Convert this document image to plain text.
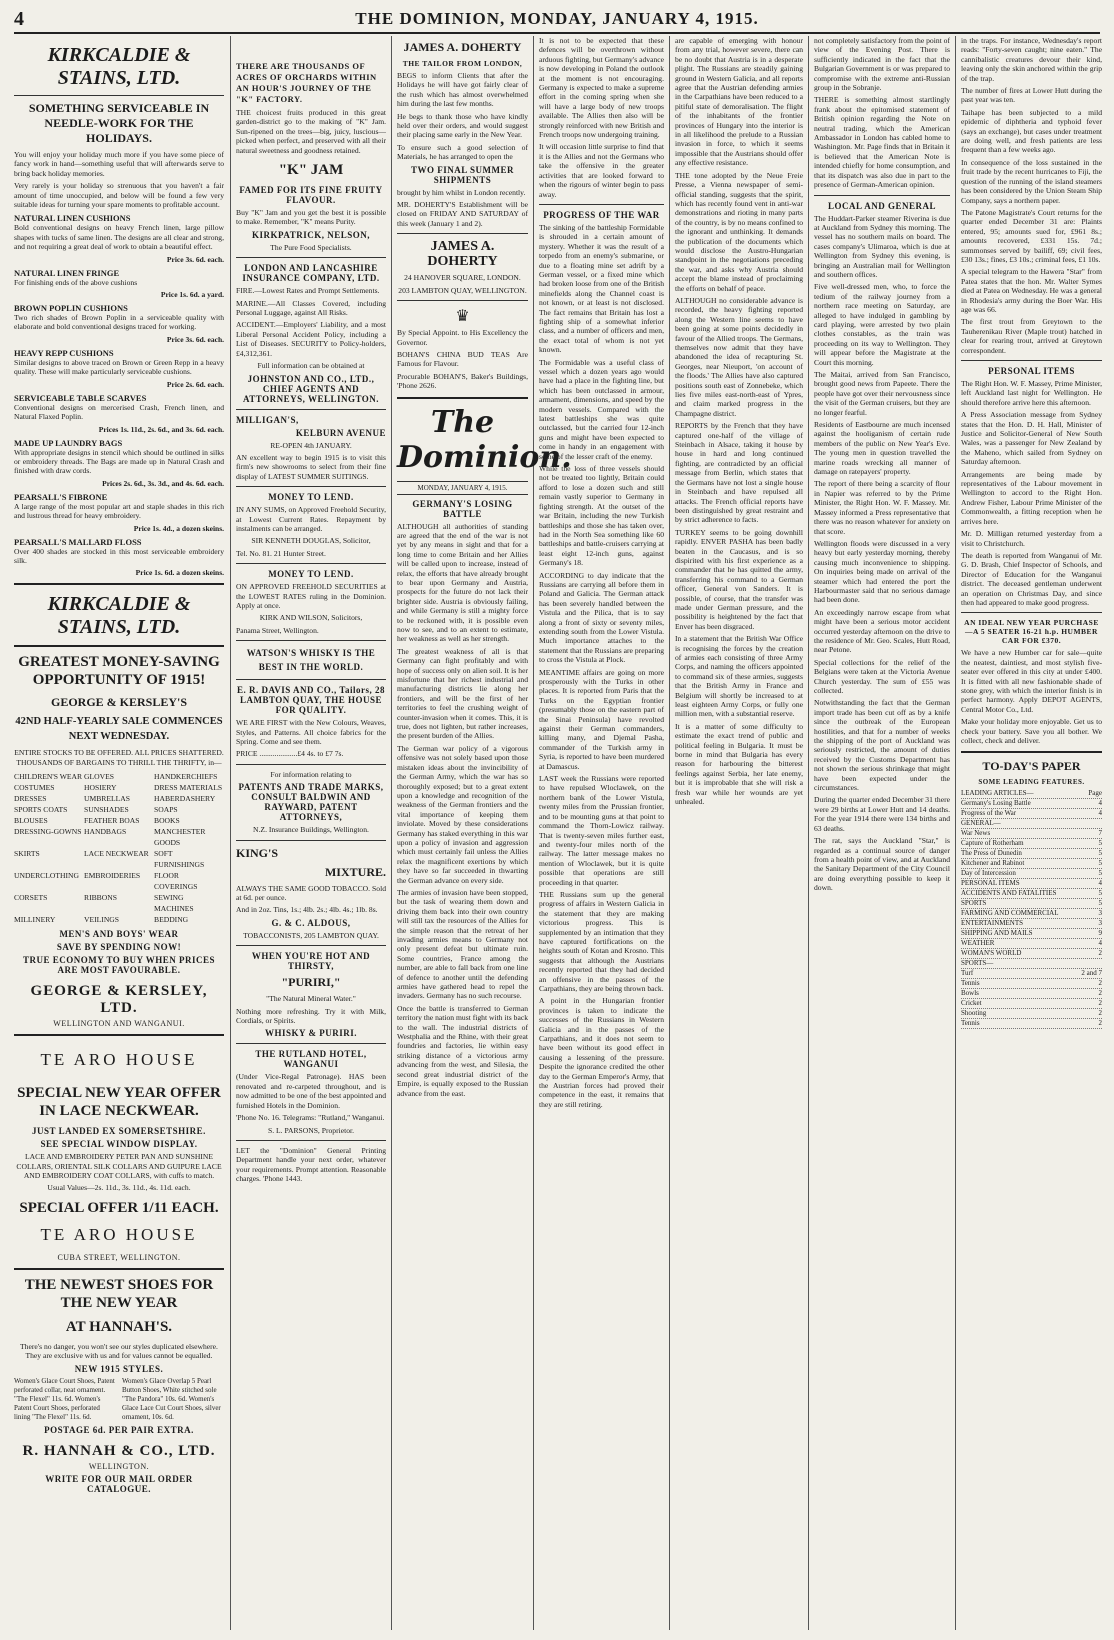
4	THE DOMINION, MONDAY, JANUARY 4, 1915.
KIRKCALDIE & STAINS, LTD.
SOMETHING SERVICEABLE IN NEEDLE-WORK FOR THE HOLIDAYS.

You will enjoy your holiday much more if you have some piece of fancy work in hand—something useful that will afterwards serve to bring back holiday memories.

Very rarely is your holiday so strenuous that you haven't a fair amount of time unoccupied, and below will be found a few very suitable ideas for turning your spare moments to profitable account.

NATURAL LINEN CUSHIONS

Bold conventional designs on heavy French linen, large pillow shapes with tucks of same linen. The designs are all clear and strong, and not requiring a great deal of work to obtain a beautiful effect.

Price 3s. 6d. each.
NATURAL LINEN FRINGE

For finishing ends of the above cushions

Price 1s. 6d. a yard.
BROWN POPLIN CUSHIONS

Two rich shades of Brown Poplin in a serviceable quality with elaborate and bold conventional designs traced for working.

Price 3s. 6d. each.
HEAVY REPP CUSHIONS

Similar designs to above traced on Brown or Green Repp in a heavy quality. These will make particularly serviceable cushions.

Price 2s. 6d. each.
SERVICEABLE TABLE SCARVES

Conventional designs on mercerised Crash, French linen, and Natural Flaxed Poplin.

Prices 1s. 11d., 2s. 6d., and 3s. 6d. each.
MADE UP LAUNDRY BAGS

With appropriate designs in stencil which should be outlined in silks or embroidery threads. The Bags are made up in Natural Crash and finished with draw cords.

Prices 2s. 6d., 3s. 3d., and 4s. 6d. each.
PEARSALL'S FIBRONE

A large range of the most popular art and staple shades in this rich and lustrous thread for heavy embroidery.

Price 1s. 4d., a dozen skeins.
PEARSALL'S MALLARD FLOSS

Over 400 shades are stocked in this most serviceable embroidery silk.

Price 1s. 6d. a dozen skeins.
KIRKCALDIE & STAINS, LTD.
GREATEST MONEY-SAVING OPPORTUNITY OF 1915!
GEORGE & KERSLEY'S
42ND HALF-YEARLY SALE COMMENCES NEXT WEDNESDAY.

ENTIRE STOCKS TO BE OFFERED. ALL PRICES SHATTERED. THOUSANDS OF BARGAINS TO THRILL THE THRIFTY, in—

CHILDREN'S WEAR GLOVES	HANDKERCHIEFS
COSTUMES	HOSIERY	DRESS MATERIALS
DRESSES	UMBRELLAS	HABERDASHERY
SPORTS COATS	SUNSHADES	SOAPS
BLOUSES	FEATHER BOAS	BOOKS
DRESSING-GOWNS HANDBAGS	MANCHESTER GOODS
SKIRTS	LACE NECKWEAR SOFT FURNISHINGS
UNDERCLOTHING EMBROIDERIES	FLOOR COVERINGS
CORSETS	RIBBONS	SEWING MACHINES
MILLINERY	VEILINGS	BEDDING
MEN'S AND BOYS' WEAR
SAVE BY SPENDING NOW!
TRUE ECONOMY TO BUY WHEN PRICES ARE MOST FAVOURABLE.
GEORGE & KERSLEY, LTD.
WELLINGTON AND WANGANUI.
TE ARO HOUSE
SPECIAL NEW YEAR OFFER IN LACE NECKWEAR.
JUST LANDED EX SOMERSETSHIRE.
SEE SPECIAL WINDOW DISPLAY.

LACE AND EMBROIDERY PETER PAN AND SUNSHINE COLLARS, ORIENTAL SILK COLLARS AND GUIPURE LACE AND EMBROIDERY COAT COLLARS, with cuffs to match.

Usual Values—2s. 11d., 3s. 11d., 4s. 11d. each.

SPECIAL OFFER 1/11 EACH.
TE ARO HOUSE
CUBA STREET, WELLINGTON.
THE NEWEST SHOES FOR THE NEW YEAR
AT HANNAH'S.

There's no danger, you won't see our styles duplicated elsewhere. They are exclusive with us and for values cannot be equalled.

NEW 1915 STYLES.
Women's Glace Court Shoes, Patent perforated collar, neat ornament. "The Flexel" 11s. 6d. Women's Patent Court Shoes, perforated lining "The Flexel" 11s. 6d.
Women's Glace Overlap 5 Pearl Button Shoes, White stitched sole "The Pandora" 10s. 6d. Women's Glace Lace Cut Court Shoes, silver ornament, 10s. 6d.
POSTAGE 6d. PER PAIR EXTRA.
R. HANNAH & CO., LTD.
WELLINGTON.
WRITE FOR OUR MAIL ORDER CATALOGUE.
THERE ARE THOUSANDS OF ACRES OF ORCHARDS WITHIN AN HOUR'S JOURNEY OF THE "K" FACTORY.

THE choicest fruits produced in this great garden-district go to the making of "K" Jam. Sun-ripened on the trees—big, juicy, luscious—picked when perfect, and preserved with all their natural sweetness and goodness retained.

"K" JAM
FAMED FOR ITS FINE FRUITY FLAVOUR.

Buy "K" Jam and you get the best it is possible to make. Remember, "K" means Purity.

KIRKPATRICK, NELSON,

The Pure Food Specialists.

LONDON AND LANCASHIRE INSURANCE COMPANY, LTD.

FIRE.—Lowest Rates and Prompt Settlements.

MARINE.—All Classes Covered, including Personal Luggage, against All Risks.

ACCIDENT.—Employers' Liability, and a most Liberal Personal Accident Policy, including a List of Diseases. SECURITY to Policy-holders, £4,312,361.

Full information can be obtained at

JOHNSTON AND CO., LTD., CHIEF AGENTS AND ATTORNEYS, WELLINGTON.
MILLIGAN'S,
KELBURN AVENUE

RE-OPEN 4th JANUARY.

AN excellent way to begin 1915 is to visit this firm's new showrooms to select from their fine display of LATEST SUMMER SUITINGS.

MONEY TO LEND.

IN ANY SUMS, on Approved Freehold Security, at Lowest Current Rates. Repayment by instalments can be arranged.

SIR KENNETH DOUGLAS, Solicitor,

Tel. No. 81. 21 Hunter Street.

MONEY TO LEND.

ON APPROVED FREEHOLD SECURITIES at the LOWEST RATES ruling in the Dominion. Apply at once.

KIRK AND WILSON, Solicitors,

Panama Street, Wellington.

WATSON'S WHISKY IS THE BEST IN THE WORLD.
E. R. DAVIS AND CO., Tailors, 28 LAMBTON QUAY, THE HOUSE FOR QUALITY.

WE ARE FIRST with the New Colours, Weaves, Styles, and Patterns. All choice fabrics for the Spring. Come and see them.

PRICE ....................£4 4s. to £7 7s.

For information relating to

PATENTS AND TRADE MARKS, CONSULT BALDWIN AND RAYWARD, PATENT ATTORNEYS,

N.Z. Insurance Buildings, Wellington.

KING'S
MIXTURE.

ALWAYS THE SAME GOOD TOBACCO. Sold at 6d. per ounce.

And in 2oz. Tins, 1s.; 4lb. 2s.; 4lb. 4s.; 1lb. 8s.

G. & C. ALDOUS,

TOBACCONISTS, 205 LAMBTON QUAY.

WHEN YOU'RE HOT AND THIRSTY,
"PURIRI,"

"The Natural Mineral Water."

Nothing more refreshing. Try it with Milk, Cordials, or Spirits.

WHISKY & PURIRI.
THE RUTLAND HOTEL, WANGANUI

(Under Vice-Regal Patronage). HAS been renovated and re-carpeted throughout, and is now admitted to be one of the best appointed and furnished Hotels in the Dominion.

'Phone No. 16. Telegrams: "Rutland," Wanganui.

S. L. PARSONS, Proprietor.

LET the "Dominion" General Printing Department handle your next order, whatever your requirements. Prompt attention. Reasonable charges. 'Phone 1443.

JAMES A. DOHERTY
THE TAILOR FROM LONDON,

BEGS to inform Clients that after the Holidays he will have got fairly clear of the rush which has almost overwhelmed him during the last few months.

He begs to thank those who have kindly held over their orders, and would suggest their placing same early in the New Year.

To ensure such a good selection of Materials, he has arranged to open the

TWO FINAL SUMMER SHIPMENTS

brought by him whilst in London recently.

MR. DOHERTY'S Establishment will be closed on FRIDAY AND SATURDAY of this week (January 1 and 2).

JAMES A. DOHERTY

24 HANOVER SQUARE, LONDON.

203 LAMBTON QUAY, WELLINGTON.

♛

By Special Appoint. to His Excellency the Governor.

BOHAN'S CHINA BUD TEAS Are Famous for Flavour.

Procurable BOHAN'S, Baker's Buildings, 'Phone 2626.

The Dominion.
MONDAY, JANUARY 4, 1915.
GERMANY'S LOSING BATTLE

ALTHOUGH all authorities of standing are agreed that the end of the war is not yet by any means in sight and that for a long time to come Britain and her Allies will be called upon to increase, instead of relax, the efforts that have already brought to bear upon Germany and Austria, prospects for the future do not lack their brighter side. Austria is obviously failing, and while Germany is still a mighty force to be reckoned with, it is possible even now to see, and to an extent to estimate, her weakness as well as her strength.

The greatest weakness of all is that Germany can fight profitably and with hope of success only on alien soil. It is her misfortune that her richest industrial and manufacturing districts lie along her frontiers, and will be the first of her territories to feel the crushing weight of counter-invasion when it comes. This, it is true, does not lighten, but rather increases, the present burden of the Allies.

The German war policy of a vigorous offensive was not solely based upon those mistaken ideas about the invincibility of the German Army, which the war has so thoroughly exposed; but to a great extent upon a knowledge and recognition of the weakness of the German frontiers and the vital importance of keeping them inviolate. Moved by these considerations Germany has staked everything in this war upon a policy of invasion and aggression which must certainly fail unless the Allies relax the magnificent exertions by which they have so far succeeded in thwarting the German advance on every side.

The armies of invasion have been stopped, but the task of wearing them down and driving them back into their own country will still tax the resources of the Allies for the simple reason that the retreat of her invading armies means to Germany not only present defeat but ultimate ruin. Some countries, France among the number, are able to fall back from one line of defence to another until the defending armies have gathered head to repel the invaders. Germany has no such recourse.

Once the battle is transferred to German territory the nation must fight with its back to the wall. The industrial districts of Westphalia and the Rhine, with their great foundries and factories, lie within easy striking distance of a victorious army advancing from the west, and Silesia, the second great industrial district of the Empire, is equally exposed to the Russian advance from the east.

It is not to be expected that these defences will be overthrown without arduous fighting, but Germany's advance is now developing in Poland the outlook at the moment is not encouraging. Germany is expected to make a supreme effort in the coming spring when she will have a large body of new troops available. The Allies then also will be strongly reinforced with new British and French troops now undergoing training.

It will occasion little surprise to find that it is the Allies and not the Germans who take the offensive in the greater activities that are looked forward to when the rigours of winter begin to pass away.

PROGRESS OF THE WAR

The sinking of the battleship Formidable is shrouded in a certain amount of mystery. Whether it was the result of a torpedo from an enemy's submarine, or due to a floating mine set adrift by a German vessel, or a fixed mine which had broken loose from one of the British minefields along the Channel coast is not known, or at least is not disclosed. The fact remains that Britain has lost a fighting ship of a somewhat inferior class, and a number of officers and men, the exact total of whom is not yet known.

The Formidable was a useful class of vessel which a dozen years ago would have had a place in the fighting line, but which has been outclassed in armour, armament, dimensions, and speed by the modern vessels. Compared with the latest battleships she was quite outclassed, but the carried four 12-inch guns and might have been expected to come in handy in an engagement with some of the lesser craft of the enemy.

While the loss of three vessels should not be treated too lightly, Britain could afford to lose a dozen such and still remain vastly superior to Germany in fighting strength. At the outset of the war Britain, including the new Turkish battleships and those she has taken over, had in the North Sea something like 60 battleships and battle-cruisers carrying at least eight 12-inch guns, against Germany's 18.

ACCORDING to day indicate that the Russians are carrying all before them in Poland and Galicia. The German attack has been severely handled between the Vistula and the Pilica, that is to say along a front of sixty or seventy miles, extending south from the Lower Vistula. Much importance attaches to the statement that the Russians are preparing to cross the Vistula at Plock.

MEANTIME affairs are going on more prosperously with the Turks in other places. It is reported from Paris that the Turks on the Egyptian frontier (presumably those on the eastern part of the Sinai Peninsula) have revolted against their German commanders, killing many, and Djemal Pasha, commander of the Turkish army in Syria, is reported to have been murdered at Damascus.

LAST week the Russians were reported to have repulsed Wloclawek, on the northern bank of the Lower Vistula, twenty miles from the Prussian frontier, and to be mounting guns at that point to command the Thorn-Lowicz railway. That is twenty-seven miles further east, and twenty-four miles north of the railway. The latter message makes no mention of Wloclawek, but it is quite possible that operations are still proceeding in that quarter.

THE Russians sum up the general progress of affairs in Western Galicia in the statement that they are making victorious progress. This is supplemented by an intimation that they have captured fortifications on the heights south of Kotan and Krosno. This suggests that although the Austrians recently reported that they had decided an offensive in the passes of the Carpathians, they are being thrown back.

A point in the Hungarian frontier provinces is taken to indicate the successes of the Russians in Western Galicia and in the passes of the Carpathians, and it does not seem to have been without its good effect in causing a lessening of the pressure. Despite the ignorance credited the other day to the German Emperor's Army, that the Austrian forces had proved their competence in the east, it remains that they are still retiring.

are capable of emerging with honour from any trial, however severe, there can be no doubt that Austria is in a desperate plight. The Russians are steadily gaining ground in Western Galicia, and all reports agree that the Austrian defending armies in the Carpathians have been reduced to a pitiful state of demoralisation. The flight of the inhabitants of the frontier provinces of Hungary into the interior is in all likelihood the prelude to a Russian invasion in force, to which it seems impossible that the Austrians should offer any effective resistance.

THE tone adopted by the Neue Freie Presse, a Vienna newspaper of semi-official standing, suggests that the spirit, which has recently found vent in anti-war demonstrations and rioting in many parts of the country, is by no means confined to the ignorant and unthinking. It demands the publication of the documents which would disclose the Austro-Hungarian standpoint in the negotiations preceding the war, and asks why Austria should accept the blame instead of proclaiming the efforts on behalf of peace.

ALTHOUGH no considerable advance is recorded, the heavy fighting reported along the Western line seems to have been going at some points decidedly in favour of the Allied troops. The Germans, themselves now admit that they have abandoned the idea of recapturing St. Georges, near Nieuport, 'on account of the floods.' The Allies have also captured positions south east of Zonnebeke, which lies five miles east-north-east of Ypres, and claim marked progress in the Champagne district.

REPORTS by the French that they have captured one-half of the village of Steinbach in Alsace, taking it house by house in hard and long continued fighting, are contradicted by an official message from Berlin, which states that the Germans have not lost a single house in Steinbach and have repulsed all attacks. The French official reports have been distinguished by great restraint and by strict adherence to facts.

TURKEY seems to be going downhill rapidly. ENVER PASHA has been badly beaten in the Caucasus, and is so dispirited with his first experience as a commander that he has quitted the army, transferring his command to a German officer, General von Sanders. It is possible, of course, that the transfer was made under German pressure, and the possibility is heightened by the fact that Enver has been disgraced.

In a statement that the British War Office is recognising the forces by the creation of armies each consisting of three Army Corps, and naming the officers appointed to command six of these armies, suggests that the British Army in France and Belgium will shortly be increased to at least eighteen Army Corps, or fully one million men, with a substantial reserve.

It is a matter of some difficulty to estimate the exact trend of public and political feeling in Bulgaria. It must be borne in mind that Bulgaria has every reason for harbouring the bitterest feelings against Serbia, her late enemy, but it is improbable that she will risk a fresh war while her wounds are yet unhealed.

not completely satisfactory from the point of view of the Evening Post. There is sufficiently indicated in the fact that the Bulgarian Government is or was prepared to compromise with the extreme anti-Russian group in the Sobranje.

THERE is something almost startlingly frank about the epitomised statement of British opinion regarding the Note on neutral trading, which the American Ambassador in London has cabled home to Washington. Mr. Page finds that in Britain it is believed that the American Note is intended chiefly for home consumption, and that its dispatch was also due in part to the presence of German-American opinion.

LOCAL AND GENERAL

The Huddart-Parker steamer Riverina is due at Auckland from Sydney this morning. The vessel has no southern mails on board. The cases company's Ulimaroa, which is due at Wellington from Sydney this evening, is bringing an Australian mail for Wellington and southern offices.

Five well-dressed men, who, to force the tedium of the railway journey from a northern race meeting on Saturday, are alleged to have indulged in gambling by card playing, were arrested by two plain clothes constables, as the train was proceeding on its way to Wellington. They will appear before the Magistrate at the Court this morning.

The Maitai, arrived from San Francisco, brought good news from Papeete. There the people have got over their nervousness since the visit of the German cruisers, but they are no longer fearful.

Residents of Eastbourne are much incensed against the hooliganism of certain rude members of the public on New Year's Eve. The young men in question travelled the marine roads wrecking all manner of damage on ratepayers' property.

The report of there being a scarcity of flour in Napier was referred to by the Prime Minister, the Right Hon. W. F. Massey. Mr. Massey informed a Press representative that there was no reason whatever for anxiety on that score.

Wellington floods were discussed in a very heavy but early yesterday morning, thereby causing much inconvenience to shipping. On inquiries being made on arrival of the steamer which had entered the port the Harbourmaster said that no serious damage had been done.

An exceedingly narrow escape from what might have been a serious motor accident occurred yesterday afternoon on the drive to the residence of Mr. Geo. Scales, Hutt Road, near Petone.

Special collections for the relief of the Belgians were taken at the Victoria Avenue Church yesterday. The sum of £55 was collected.

Notwithstanding the fact that the German import trade has been cut off as by a knife since the outbreak of the European hostilities, and that for a number of weeks the shipping of the port of Auckland was seriously restricted, the amount of duties received by the Customs Department has not shown the serious shrinkage that might have been expected under the circumstances.

During the quarter ended December 31 there were 29 births at Lower Hutt and 14 deaths. For the year 1914 there were 134 births and 63 deaths.

The rat, says the Auckland "Star," is regarded as a continual source of danger from a health point of view, and at Auckland the Sanitary Department of the City Council are doing everything possible to keep it down.

in the traps. For instance, Wednesday's report reads: "Forty-seven caught; nine eaten." The cannibalistic creatures devour their kind, leaving only the skin anchored within the grip of the trap.

The number of fires at Lower Hutt during the past year was ten.

Taihape has been subjected to a mild epidemic of diphtheria and typhoid fever (says an exchange), but cases under treatment are doing well, and fresh patients are less frequent than a few weeks ago.

In consequence of the loss sustained in the fruit trade by the recent hurricanes to Fiji, the question of the running of the island steamers has been considered by the Union Steam Ship Company, says a northern paper.

The Patone Magistrate's Court returns for the quarter ended December 31 are: Plaints entered, 95; amounts sued for, £961 8s.; amounts recovered, £331 15s. 7d.; summonses served by bailiff, 69; civil fees, £30 13s.; fines, £3 10s.; criminal fees, £1 10s.

A special telegram to the Hawera "Star" from Patea states that the hon. Mr. Walter Symes died at Patea on Wednesday. He was a general in Rhodesia's army during the Boer War. His age was 66.

The first trout from Greytown to the Tauherenikau River (Maple trout) hatched in clear for rearing trout, arrived at Greytown correspondent.

PERSONAL ITEMS

The Right Hon. W. F. Massey, Prime Minister, left Auckland last night for Wellington. He should therefore arrive here this afternoon.

A Press Association message from Sydney states that the Hon. D. H. Hall, Minister of Justice and Solicitor-General of New South Wales, was a passenger for New Zealand by the Maheno, which sailed from Sydney on Saturday afternoon.

Arrangements are being made by representatives of the Labour movement in Wellington to accord to the Right Hon. Andrew Fisher, Labour Prime Minister of the Commonwealth, a fitting reception when he arrives here.

Mr. D. Milligan returned yesterday from a visit to Christchurch.

The death is reported from Wanganui of Mr. G. D. Brash, Chief Inspector of Schools, and Director of Education for the Wanganui district. The deceased gentleman underwent an operation on Christmas Day, and since then had appeared to make good progress.

AN IDEAL NEW YEAR PURCHASE—A 5 SEATER 16-21 h.p. HUMBER CAR FOR £370.

We have a new Humber car for sale—quite the neatest, daintiest, and most stylish five-seater ever offered in this city at under £400. It is fitted with all new fashionable shade of stone grey, with which the interior finish is in perfect harmony. Apply DEPOT AGENTS, Central Motor Co., Ltd.

Make your holiday more enjoyable. Get us to check your battery. Save you all bother. We collect, check and deliver.

TO-DAY'S PAPER
SOME LEADING FEATURES.
LEADING ARTICLES—	Page
Germany's Losing Battle	4
Progress of the War	4
GENERAL—
War News	7
Capture of Rotherham	5
The Press of Dunedin	5
Kitchener and Rabinot	5
Day of Intercession	5
PERSONAL ITEMS	4
ACCIDENTS AND FATALITIES	5
SPORTS	5
FARMING AND COMMERCIAL	3
ENTERTAINMENTS	3
SHIPPING AND MAILS	9
WEATHER	4
WOMAN'S WORLD	2
SPORTS—
Turf	2 and 7
Tennis	2
Bowls	2
Cricket	2
Shooting	2
Tennis	2
